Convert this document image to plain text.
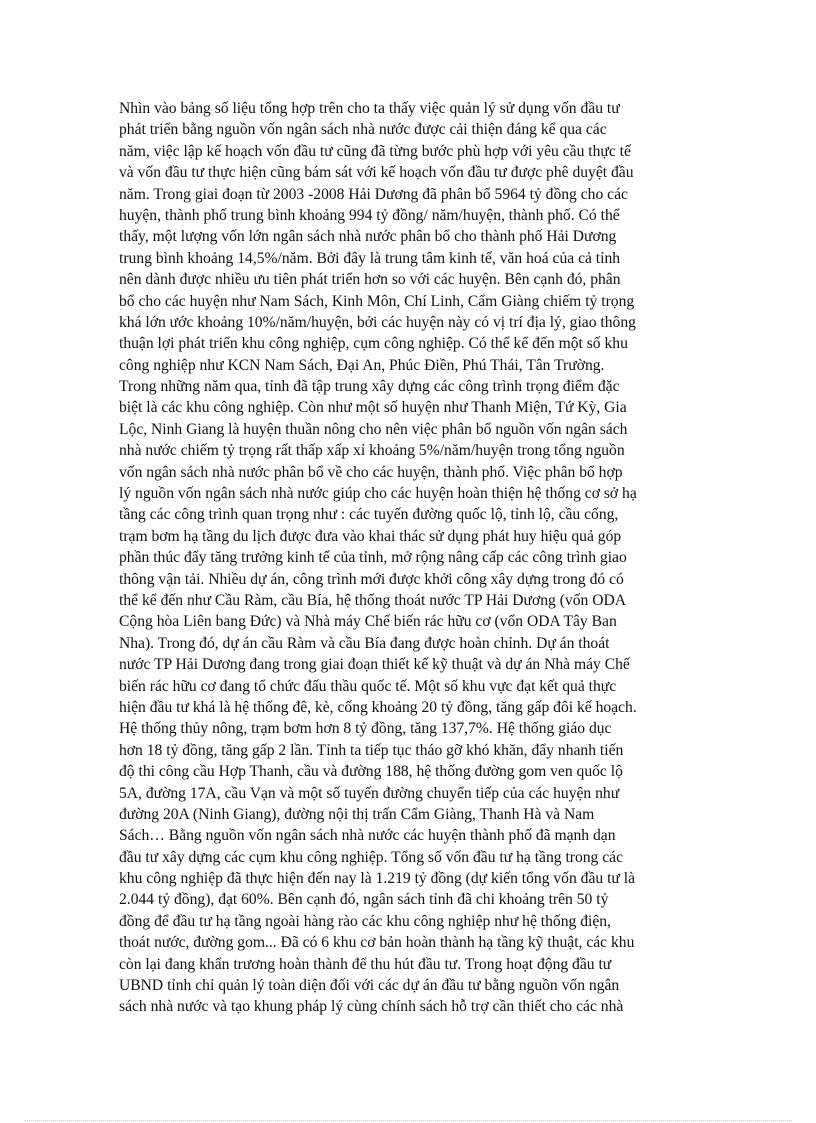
Nhìn vào bảng số liệu tổng hợp trên cho ta thấy việc quản lý sử dụng vốn đầu tư
phát triển bằng nguồn vốn ngân sách nhà nước được cải thiện đáng kể qua các
năm, việc lập kế hoạch vốn đầu tư cũng đã từng bước phù hợp với yêu cầu thực tế
và vốn đầu tư thực hiện cũng bám sát với kế hoạch vốn đầu tư được phê duyệt đầu
năm. Trong giai đoạn từ 2003 -2008 Hải Dương đã phân bổ 5964 tỷ đồng cho các
huyện, thành phố trung bình khoảng 994 tỷ đồng/ năm/huyện, thành phố. Có thể
thấy, một lượng vốn lớn ngân sách nhà nước phân bổ cho thành phố Hải Dương
trung bình khoảng 14,5%/năm. Bởi đây là trung tâm kinh tế, văn hoá của cả tỉnh
nên dành được nhiều ưu tiên phát triển hơn so với các huyện. Bên cạnh đó, phân
bổ cho các huyện như Nam Sách, Kinh Môn, Chí Linh, Cẩm Giàng chiếm tỷ trọng
khá lớn ước khoảng 10%/năm/huyện, bởi các huyện này có vị trí địa lý, giao thông
thuận lợi phát triển khu công nghiệp, cụm công nghiệp. Có thể kể đến một số khu
công nghiệp như KCN Nam Sách, Đại An, Phúc Điền, Phú Thái, Tân Trường.
Trong những năm qua, tỉnh đã tập trung xây dựng các công trình trọng điểm đặc
biệt là các khu công nghiệp. Còn như một số huyện như Thanh Miện, Tứ Kỳ, Gia
Lộc, Ninh Giang là huyện thuần nông cho nên việc phân bổ nguồn vốn ngân sách
nhà nước chiếm tỷ trọng rất thấp xấp xỉ khoảng 5%/năm/huyện trong tổng nguồn
vốn ngân sách nhà nước phân bổ về cho các huyện, thành phố. Việc phân bổ hợp
lý nguồn vốn ngân sách nhà nước giúp cho các huyện hoàn thiện hệ thống cơ sở hạ
tầng các công trình quan trọng như : các tuyến đường quốc lộ, tỉnh lộ, cầu cống,
trạm bơm hạ tầng du lịch được đưa vào khai thác sử dụng phát huy hiệu quả góp
phần thúc đẩy tăng trưởng kinh tế của tỉnh, mở rộng nâng cấp các công trình giao
thông vận tải. Nhiều dự án, công trình mới được khởi công xây dựng trong đó có
thể kể đến như Cầu Ràm, cầu Bía, hệ thống thoát nước TP Hải Dương (vốn ODA
Cộng hòa Liên bang Đức) và Nhà máy Chế biến rác hữu cơ (vốn ODA Tây Ban
Nha). Trong đó, dự án cầu Ràm và cầu Bía đang được hoàn chỉnh. Dự án thoát
nước TP Hải Dương đang trong giai đoạn thiết kế kỹ thuật và dự án Nhà máy Chế
biến rác hữu cơ đang tổ chức đấu thầu quốc tế. Một số khu vực đạt kết quả thực
hiện đầu tư khá là hệ thống đê, kè, cống khoảng 20 tỷ đồng, tăng gấp đôi kế hoạch.
Hệ thống thủy nông, trạm bơm hơn 8 tỷ đồng, tăng 137,7%. Hệ thống giáo dục
hơn 18 tỷ đồng, tăng gấp 2 lần. Tỉnh ta tiếp tục tháo gỡ khó khăn, đẩy nhanh tiến
độ thi công cầu Hợp Thanh, cầu và đường 188, hệ thống đường gom ven quốc lộ
5A, đường 17A, cầu Vạn và một số tuyến đường chuyển tiếp của các huyện như
đường 20A (Ninh Giang), đường nội thị trấn Cẩm Giàng, Thanh Hà và Nam
Sách… Bằng nguồn vốn ngân sách nhà nước các huyện thành phố đã mạnh dạn
đầu tư xây dựng các cụm khu công nghiệp. Tổng số vốn đầu tư hạ tầng trong các
khu công nghiệp đã thực hiện đến nay là 1.219 tỷ đồng (dự kiến tổng vốn đầu tư là
2.044 tỷ đồng), đạt 60%. Bên cạnh đó, ngân sách tỉnh đã chi khoảng trên 50 tỷ
đồng để đầu tư hạ tầng ngoài hàng rào các khu công nghiệp như hệ thống điện,
thoát nước, đường gom... Đã có 6 khu cơ bản hoàn thành hạ tầng kỹ thuật, các khu
còn lại đang khẩn trương hoàn thành để thu hút đầu tư. Trong hoạt động đầu tư
UBND tỉnh chỉ quản lý toàn diện đối với các dự án đầu tư bằng nguồn vốn ngân
sách nhà nước và tạo khung pháp lý cùng chính sách hỗ trợ cần thiết cho các nhà
